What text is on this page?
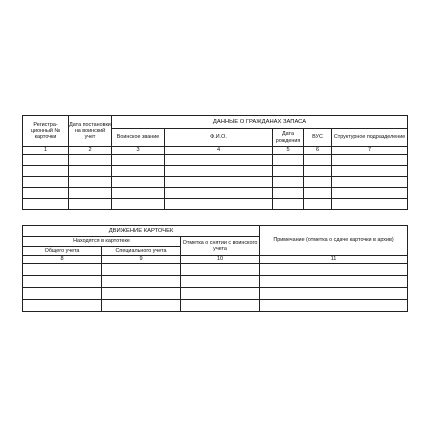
Регистра-ционный № карточки	Дата постановки на воинский учет	ДАННЫЕ О ГРАЖДАНАХ ЗАПАСА				
		Воинское звание	Ф.И.О.	Дата рождения	ВУС	Структурное подразделение
1	2	3	4	5	6	7

ДВИЖЕНИЕ КАРТОЧЕК			Примечание (отметка о сдаче карточки в архив)
Находятся в картотеке		Отметка о снятии с воинского учета	
Общего учета	Специального учета		
8	9	10	11
